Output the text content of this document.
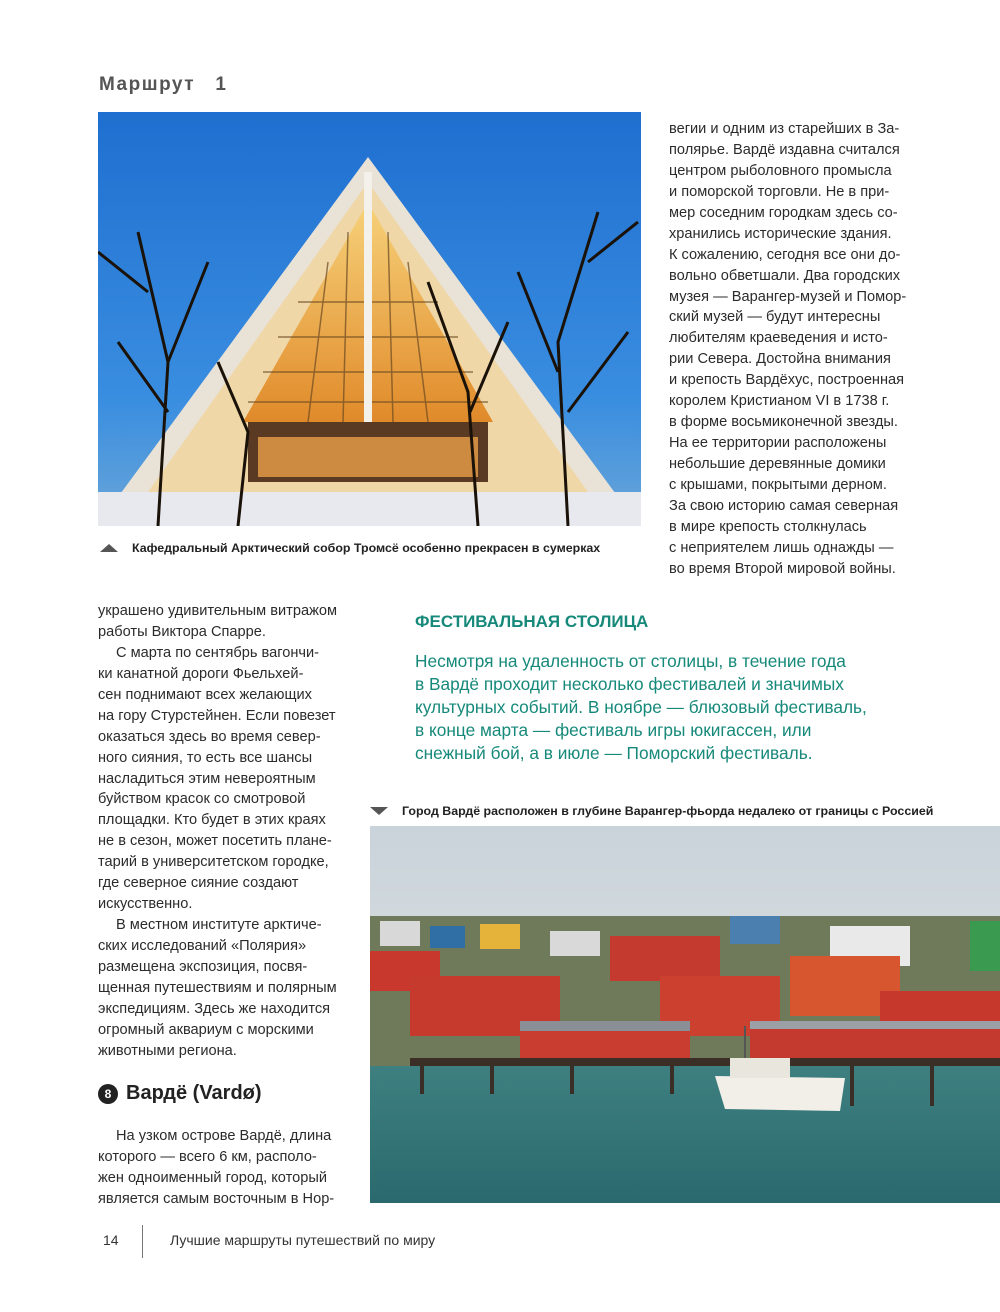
Маршрут   1
Кафедральный Арктический собор Тромсё особенно прекрасен в сумерках
вегии и одним из старейших в За-
полярье. Вардё издавна считался
центром рыболовного промысла
и поморской торговли. Не в при-
мер соседним городкам здесь со-
хранились исторические здания.
К сожалению, сегодня все они до-
вольно обветшали. Два городских
музея — Варангер-музей и Помор-
ский музей — будут интересны
любителям краеведения и исто-
рии Севера. Достойна внимания
и крепость Вардёхус, построенная
королем Кристианом VI в 1738 г.
в форме восьмиконечной звезды.
На ее территории расположены
небольшие деревянные домики
с крышами, покрытыми дерном.
За свою историю самая северная
в мире крепость столкнулась
с неприятелем лишь однажды —
во время Второй мировой войны.
украшено удивительным витражом
работы Виктора Спарре.
С марта по сентябрь вагончи-
ки канатной дороги Фьельхей-
сен поднимают всех желающих
на гору Стурстейнен. Если повезет
оказаться здесь во время север-
ного сияния, то есть все шансы
насладиться этим невероятным
буйством красок со смотровой
площадки. Кто будет в этих краях
не в сезон, может посетить плане-
тарий в университетском городке,
где северное сияние создают
искусственно.
В местном институте арктиче-
ских исследований «Полярия»
размещена экспозиция, посвя-
щенная путешествиям и полярным
экспедициям. Здесь же находится
огромный аквариум с морскими
животными региона.
ФЕСТИВАЛЬНАЯ СТОЛИЦА
Несмотря на удаленность от столицы, в течение года
в Вардё проходит несколько фестивалей и значимых
культурных событий. В ноябре — блюзовый фестиваль,
в конце марта — фестиваль игры юкигассен, или
снежный бой, а в июле — Поморский фестиваль.
Город Вардё расположен в глубине Варангер-фьорда недалеко от границы с Россией
8 Вардё (Vardø)
На узком острове Вардё, длина
которого — всего 6 км, располо-
жен одноименный город, который
является самым восточным в Нор-
14	Лучшие маршруты путешествий по миру
